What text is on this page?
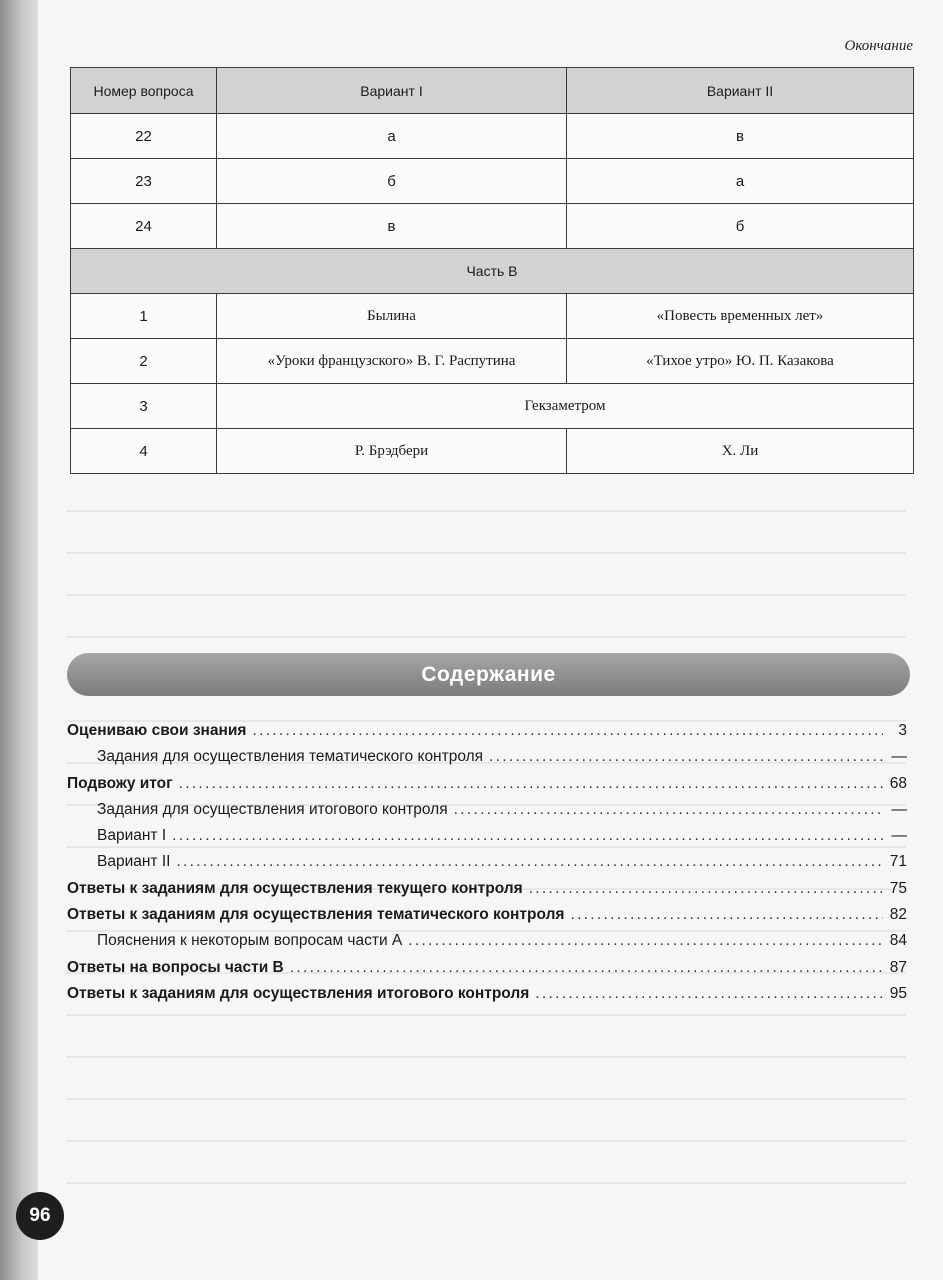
Окончание
Номер вопроса	Вариант I	Вариант II
22	а	в
23	б	а
24	в	б
Часть В		
1	Былина	«Повесть временных лет»
2	«Уроки французского» В. Г. Распутина	«Тихое утро» Ю. П. Казакова
3	Гекзаметром	
4	Р. Брэдбери	Х. Ли
Содержание
Оцениваю свои знания . . .	3
Задания для осуществления тематического контроля . . .	—
Подвожу итог . . .	68
Задания для осуществления итогового контроля . . .	—
Вариант I . . .	—
Вариант II . . .	71
Ответы к заданиям для осуществления текущего контроля . . .	75
Ответы к заданиям для осуществления тематического контроля . . .	82
Пояснения к некоторым вопросам части А . . .	84
Ответы на вопросы части В . . .	87
Ответы к заданиям для осуществления итогового контроля . . .	95
96
